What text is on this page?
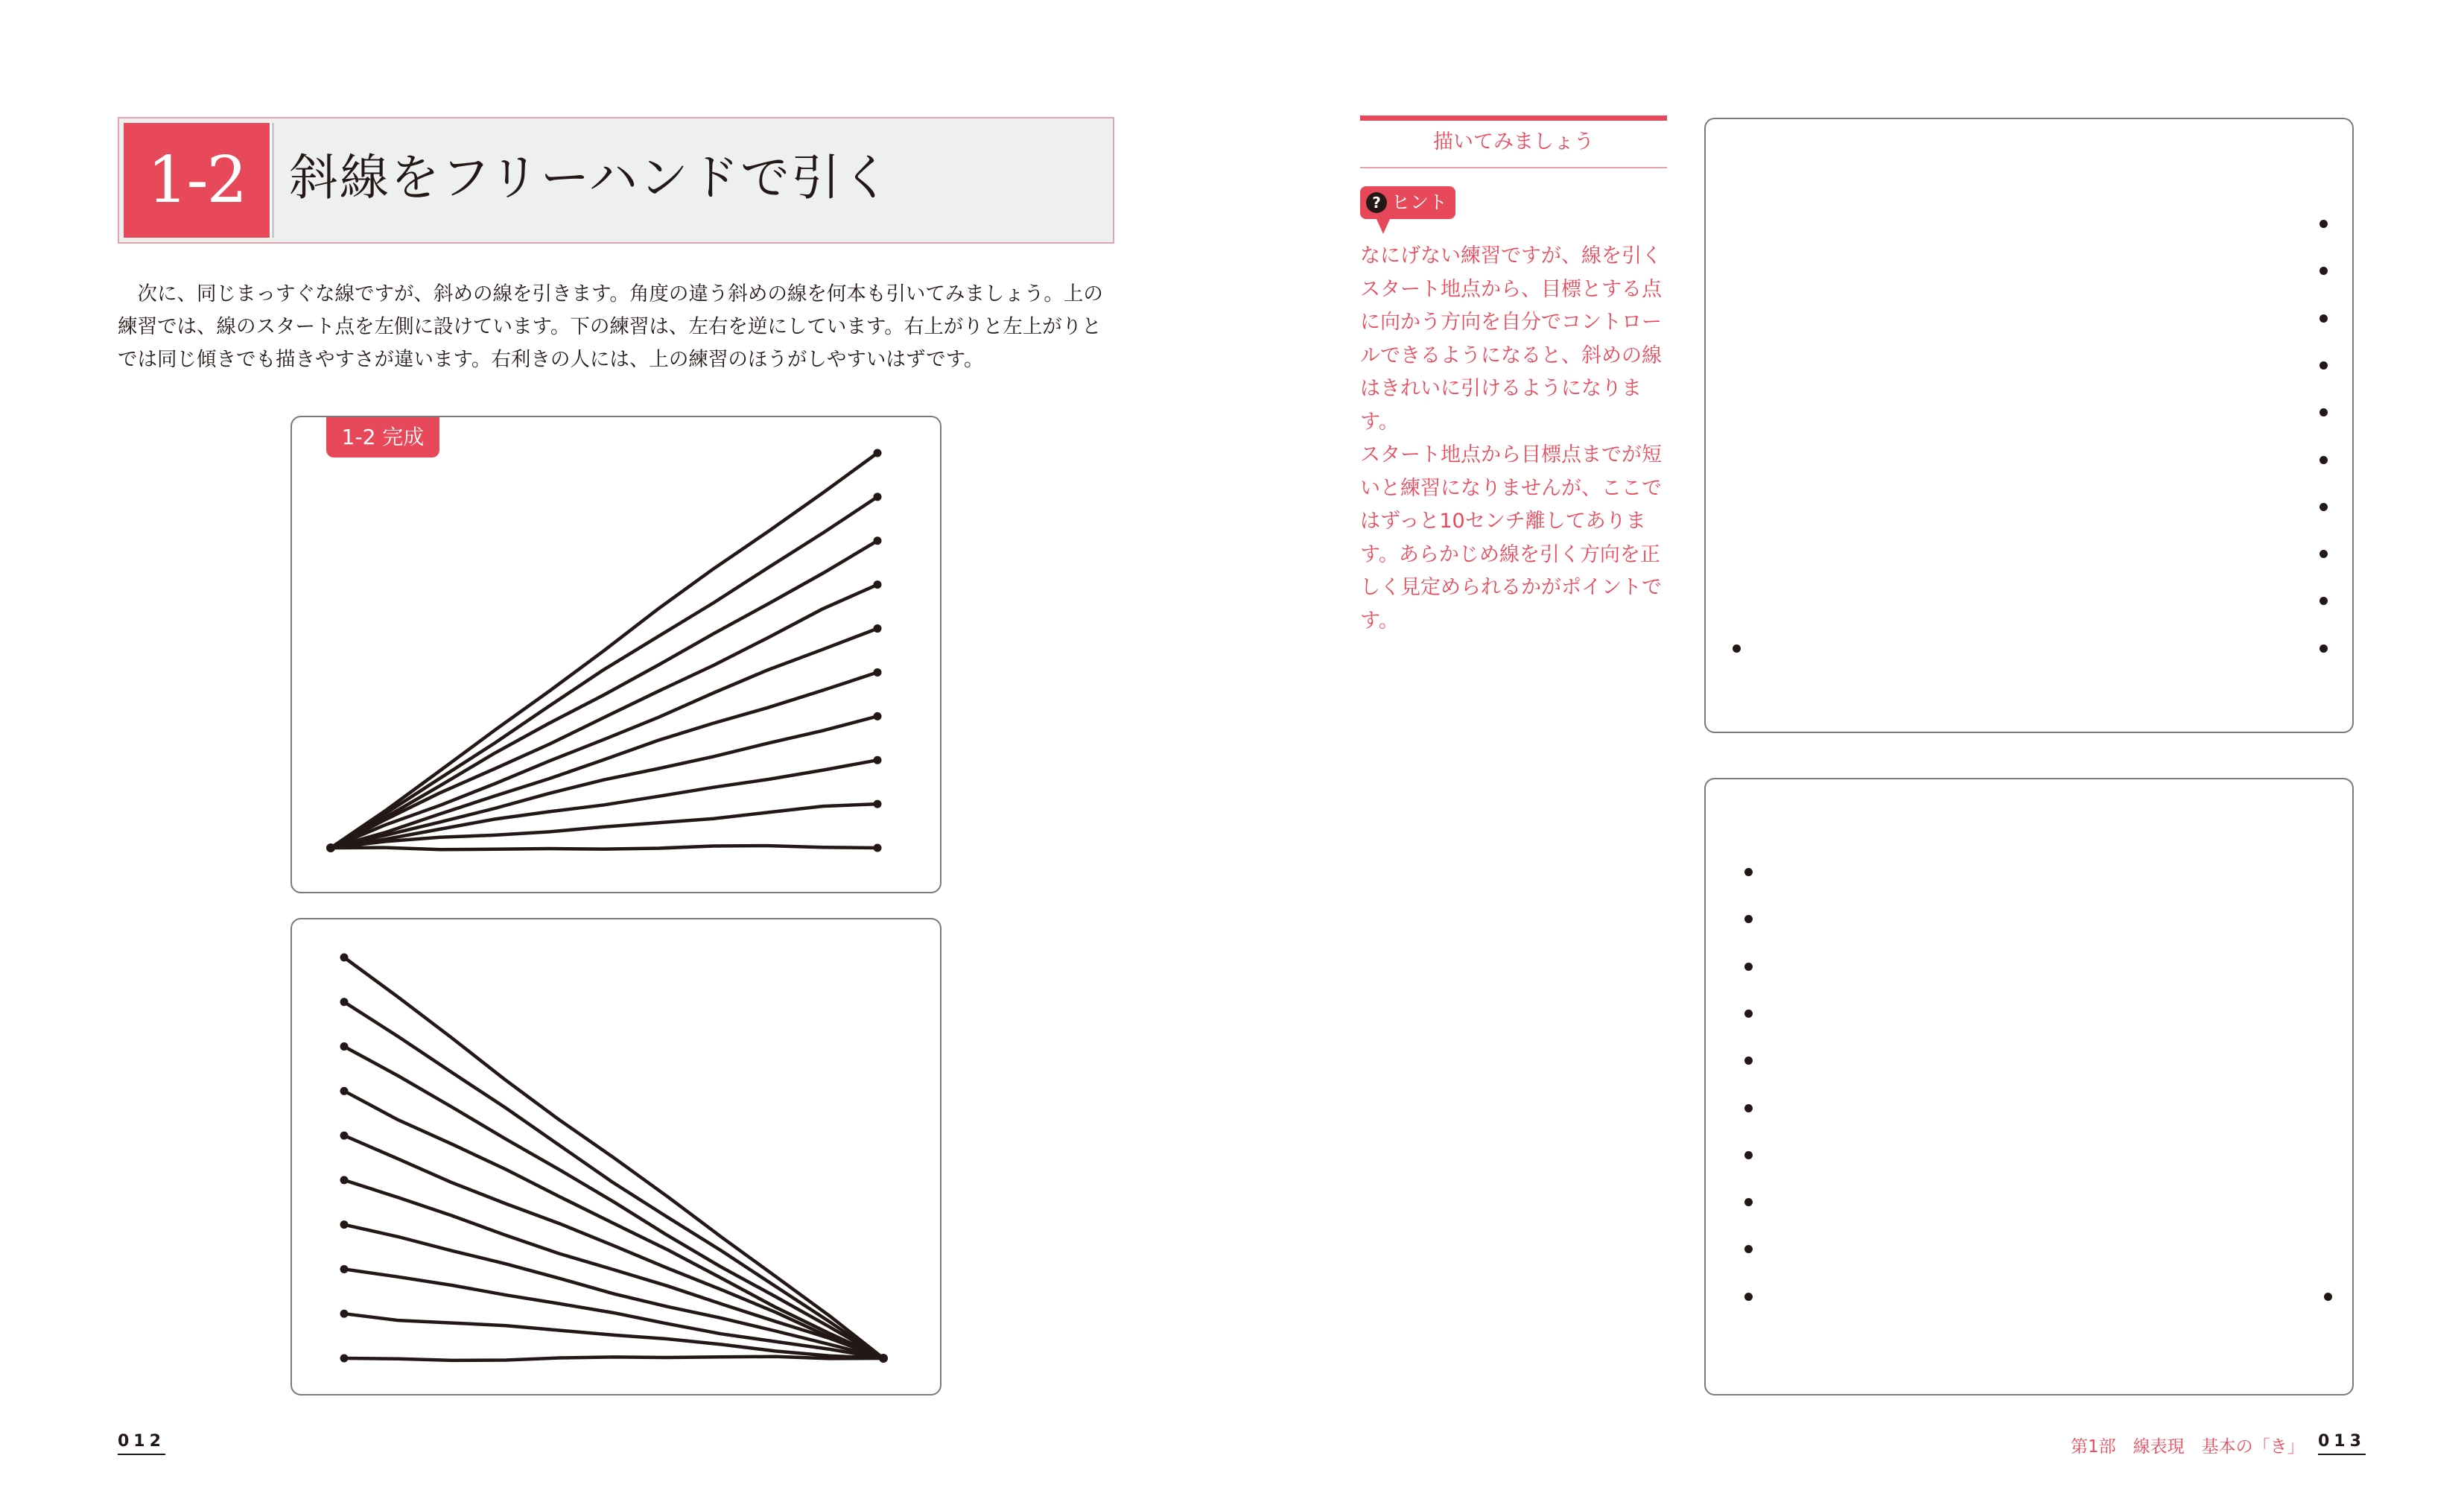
1-2 斜線をフリーハンドで引く

次に、同じまっすぐな線ですが、斜めの線を引きます。角度の違う斜めの線を何本も引いてみましょう。上の練習では、線のスタート点を左側に設けています。下の練習は、左右を逆にしています。右上がりと左上がりとでは同じ傾きでも描きやすさが違います。右利きの人には、上の練習のほうがしやすいはずです。

1-2 完成
012
描いてみましょう
? ヒント

なにげない練習ですが、線を引くスタート地点から、目標とする点に向かう方向を自分でコントロールできるようになると、斜めの線はきれいに引けるようになります。

スタート地点から目標点までが短いと練習になりませんが、ここではずっと10センチ離してあります。あらかじめ線を引く方向を正しく見定められるかがポイントです。

第1部　線表現　基本の「き」 013
